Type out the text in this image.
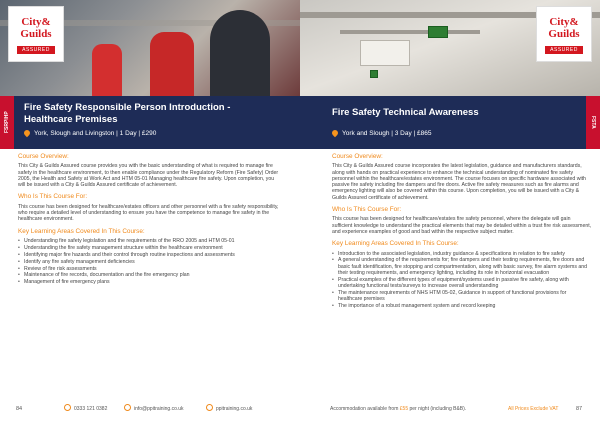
City&
Guilds
ASSURED
FSRPIHP
Fire Safety Responsible Person Introduction - Healthcare Premises
York, Slough and Livingston | 1 Day | £290
Course Overview:

This City & Guilds Assured course provides you with the basic understanding of what is required to manage fire safety in the healthcare environment, to then enable compliance under the Regulatory Reform (Fire Safety) Order 2005, the Health and Safety at Work Act and HTM 05-01 Managing healthcare fire safety. Upon completion, you will be issued with a City & Guilds Assured certificate of achievement.

Who Is This Course For:

This course has been designed for healthcare/estates officers and other personnel with a fire safety responsibility, who require a detailed level of understanding to ensure you have the competence to manage fire safety in the healthcare environment.

Key Learning Areas Covered In This Course:
• Understanding fire safety legislation and the requirements of the RRO 2005 and HTM 05-01
• Understanding the fire safety management structure within the healthcare environment
• Identifying major fire hazards and their control through routine inspections and assessments
• Identify any fire safety management deficiencies
• Review of fire risk assessments
• Maintenance of fire records, documentation and the fire emergency plan
• Management of fire emergency plans
84	0333 121 0382	info@ppitraining.co.uk	ppitraining.co.uk
City&
Guilds
ASSURED
FSTA
Fire Safety Technical Awareness
York and Slough | 3 Day | £865
Course Overview:

This City & Guilds Assured course incorporates the latest legislation, guidance and manufacturers standards, along with hands on practical experience to enhance the technical understanding of nominated fire safety personnel within the healthcare/estates environment. The course focuses on specific hardware associated with passive fire safety including fire dampers and fire doors. Active fire safety measures such as fire alarms and emergency lighting will also be covered within this course. Upon completion, you will be issued with a City & Guilds Assured certificate of achievement.

Who Is This Course For:

This course has been designed for healthcare/estates fire safety personnel, where the delegate will gain sufficient knowledge to understand the practical elements that may be detailed within a trust fire risk assessment, and experience examples of good and bad within the respective subject matter.

Key Learning Areas Covered In This Course:
• Introduction to the associated legislation, industry guidance & specifications in relation to fire safety
• A general understanding of the requirements for; fire dampers and their testing requirements, fire doors and basic fault identification, fire stopping and compartmentation, along with basic survey, fire alarm systems and their testing requirements, and emergency lighting, including its role in horizontal evacuation
• Practical examples of the different types of equipment/systems used in passive fire safety, along with undertaking functional tests/surveys to increase overall understanding
• The maintenance requirements of NHS HTM 05-02, Guidance in support of functional provisions for healthcare premises
• The importance of a robust management system and record keeping
Accommodation available from £55 per night (including B&B).	All Prices Exclude VAT	87
